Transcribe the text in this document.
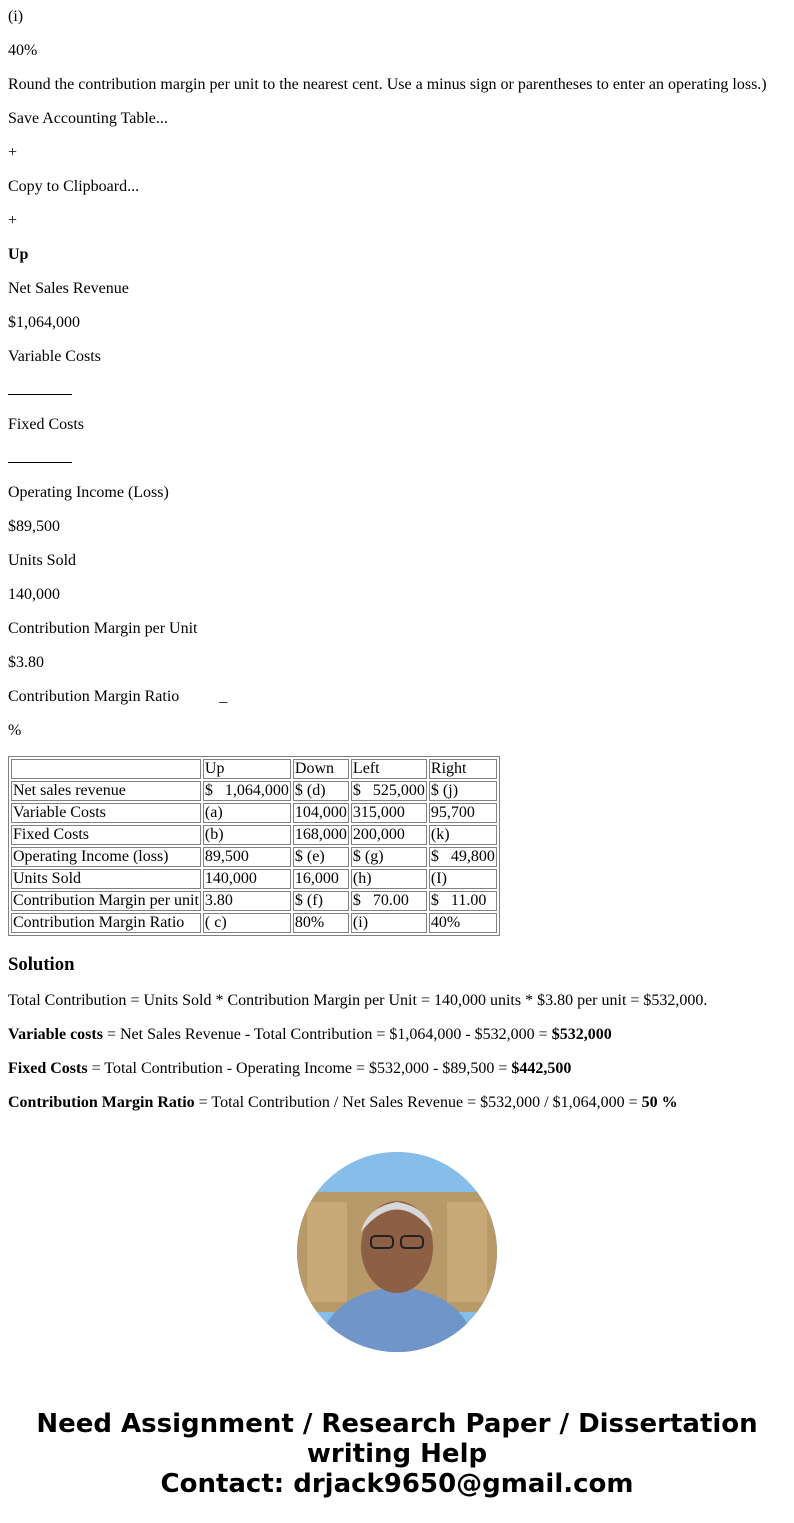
(i)

40%

Round the contribution margin per unit to the nearest cent. Use a minus sign or parentheses to enter an operating loss.)

Save Accounting Table...

+

Copy to Clipboard...

+

Up

Net Sales Revenue

$1,064,000

Variable Costs

Fixed Costs

Operating Income (Loss)

$89,500

Units Sold

140,000

Contribution Margin per Unit

$3.80

Contribution Margin Ratio	_

%

	Up	Down	Left	Right
Net sales revenue	$   1,064,000	$ (d)	$   525,000	$ (j)
Variable Costs	(a)	104,000	315,000	95,700
Fixed Costs	(b)	168,000	200,000	(k)
Operating Income (loss)	89,500	$ (e)	$ (g)	$   49,800
Units Sold	140,000	16,000	(h)	(I)
Contribution Margin per unit	3.80	$ (f)	$   70.00	$   11.00
Contribution Margin Ratio	( c)	80%	(i)	40%
Solution

Total Contribution = Units Sold * Contribution Margin per Unit = 140,000 units * $3.80 per unit = $532,000.

Variable costs = Net Sales Revenue - Total Contribution = $1,064,000 - $532,000 = $532,000

Fixed Costs = Total Contribution - Operating Income = $532,000 - $89,500 = $442,500

Contribution Margin Ratio = Total Contribution / Net Sales Revenue = $532,000 / $1,064,000 = 50 %

Need Assignment / Research Paper / Dissertation writing Help
Contact: drjack9650@gmail.com
